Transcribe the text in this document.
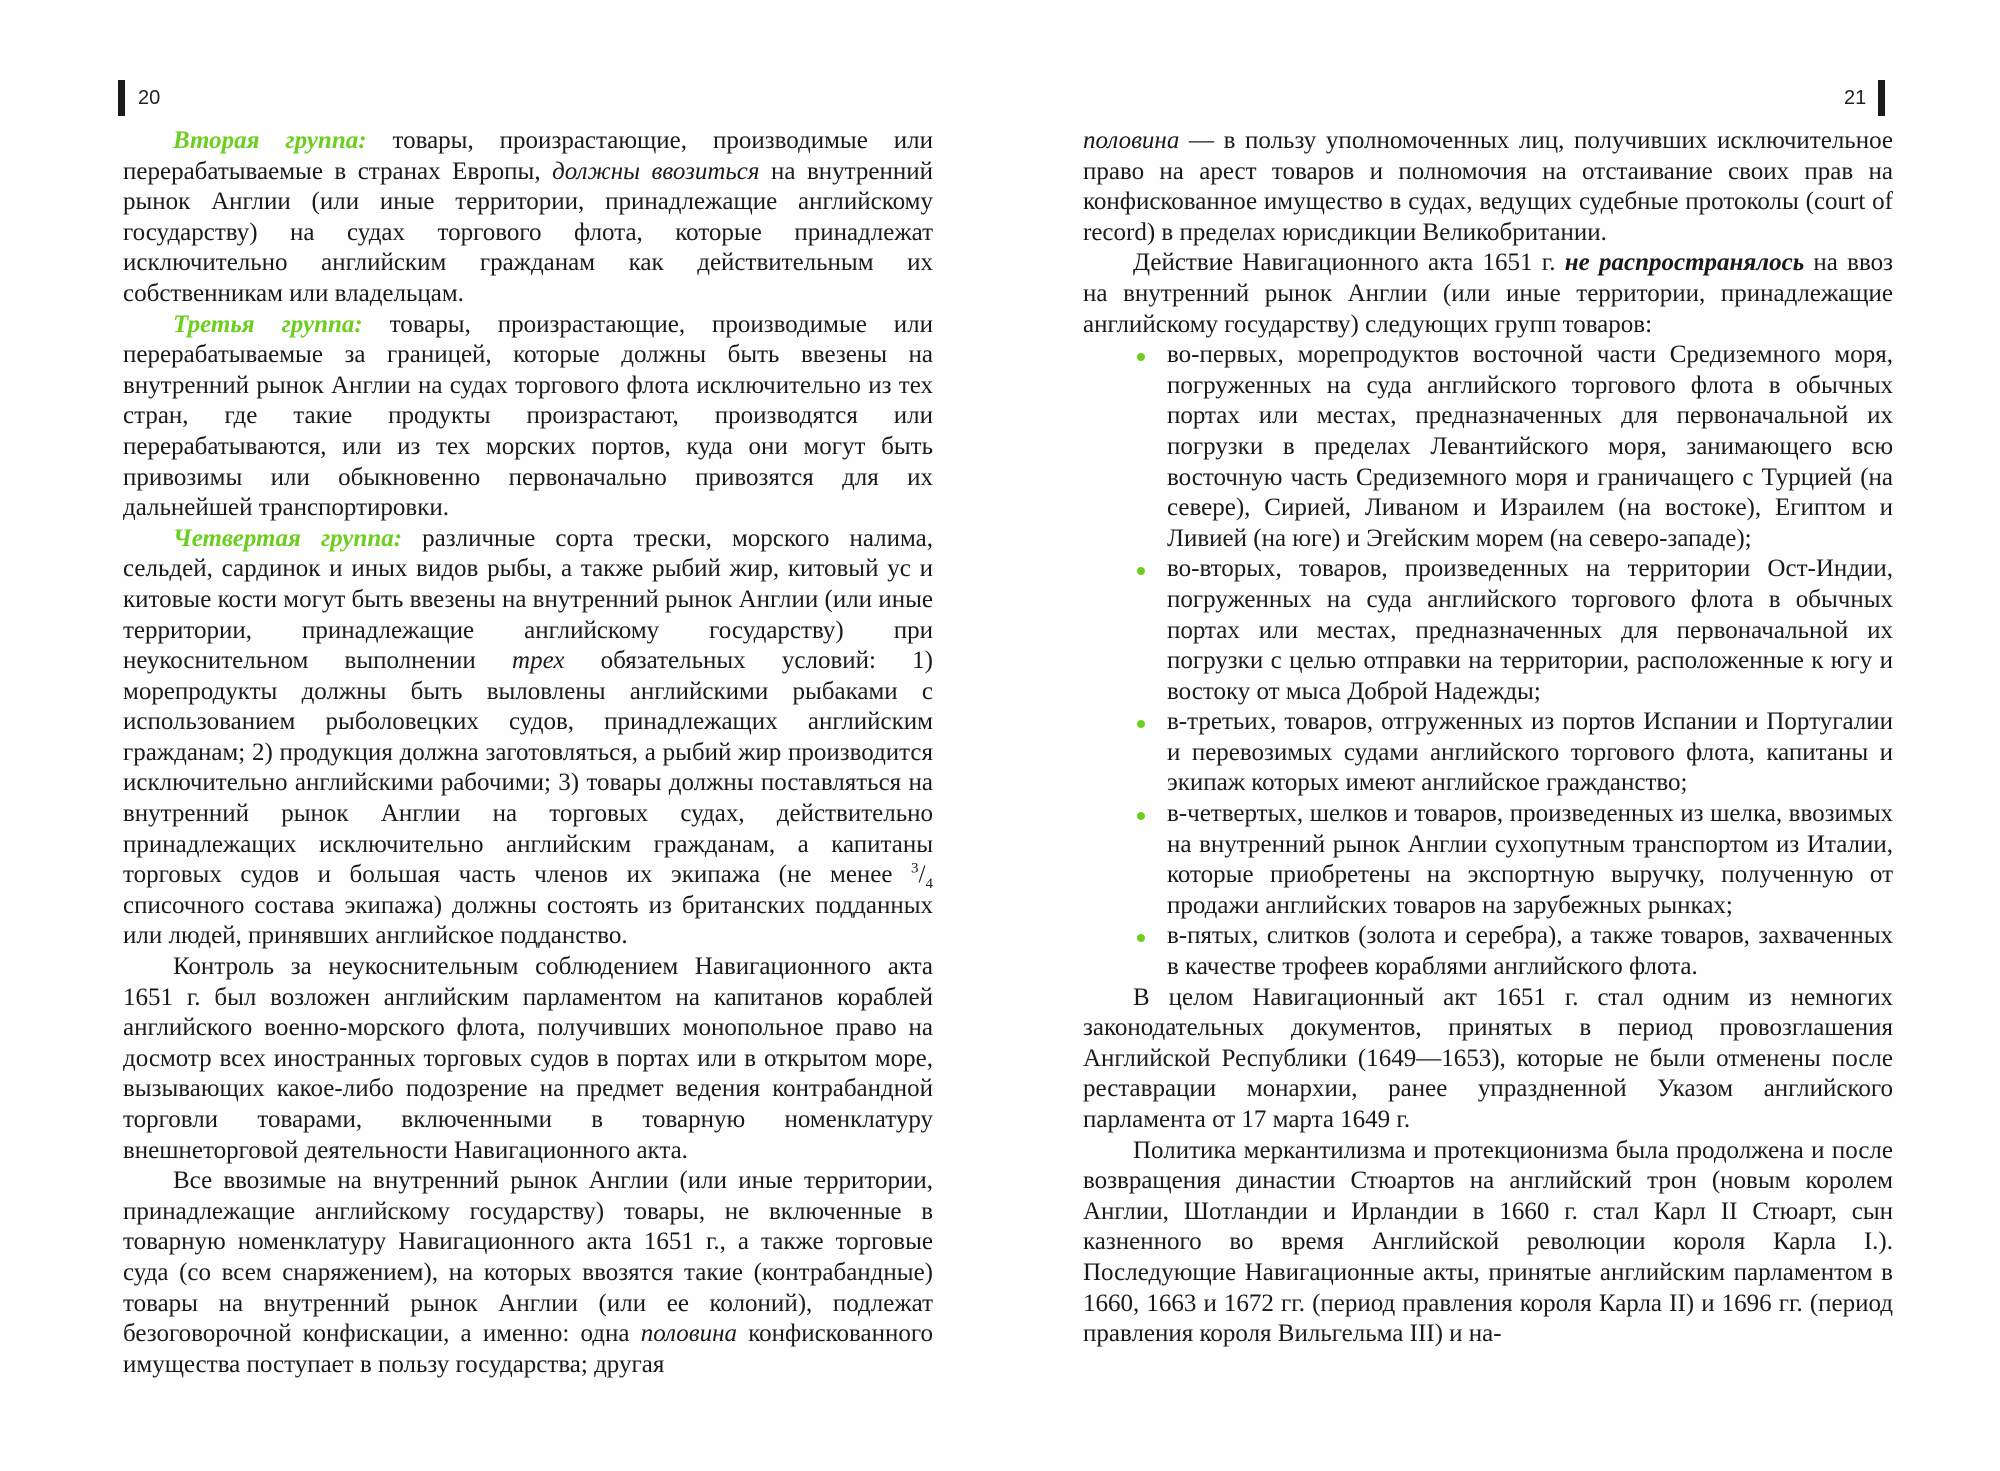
20	21

Вторая группа: товары, произрастающие, производимые или перерабатываемые в странах Европы, должны ввозиться на внутренний рынок Англии (или иные территории, принадлежащие английскому государству) на судах торгового флота, которые принадлежат исключительно английским гражданам как действительным их собственникам или владельцам.

Третья группа: товары, произрастающие, производимые или перерабатываемые за границей, которые должны быть ввезены на внутренний рынок Англии на судах торгового флота исключительно из тех стран, где такие продукты произрастают, производятся или перерабатываются, или из тех морских портов, куда они могут быть привозимы или обыкновенно первоначально привозятся для их дальнейшей транспортировки.

Четвертая группа: различные сорта трески, морского налима, сельдей, сардинок и иных видов рыбы, а также рыбий жир, китовый ус и китовые кости могут быть ввезены на внутренний рынок Англии (или иные территории, принадлежащие английскому государству) при неукоснительном выполнении трех обязательных условий: 1) морепродукты должны быть выловлены английскими рыбаками с использованием рыболовецких судов, принадлежащих английским гражданам; 2) продукция должна заготовляться, а рыбий жир производится исключительно английскими рабочими; 3) товары должны поставляться на внутренний рынок Англии на торговых судах, действительно принадлежащих исключительно английским гражданам, а капитаны торговых судов и большая часть членов их экипажа (не менее $^3/_4$ списочного состава экипажа) должны состоять из британских подданных или людей, принявших английское подданство.

Контроль за неукоснительным соблюдением Навигационного акта 1651 г. был возложен английским парламентом на капитанов кораблей английского военно-морского флота, получивших монопольное право на досмотр всех иностранных торговых судов в портах или в открытом море, вызывающих какое-либо подозрение на предмет ведения контрабандной торговли товарами, включенными в товарную номенклатуру внешнеторговой деятельности Навигационного акта.

Все ввозимые на внутренний рынок Англии (или иные территории, принадлежащие английскому государству) товары, не включенные в товарную номенклатуру Навигационного акта 1651 г., а также торговые суда (со всем снаряжением), на которых ввозятся такие (контрабандные) товары на внутренний рынок Англии (или ее колоний), подлежат безоговорочной конфискации, а именно: одна половина конфискованного имущества поступает в пользу государства; другая

половина — в пользу уполномоченных лиц, получивших исключительное право на арест товаров и полномочия на отстаивание своих прав на конфискованное имущество в судах, ведущих судебные протоколы (court of record) в пределах юрисдикции Великобритании.

Действие Навигационного акта 1651 г. не распространялось на ввоз на внутренний рынок Англии (или иные территории, принадлежащие английскому государству) следующих групп товаров:

во-первых, морепродуктов восточной части Средиземного моря, погруженных на суда английского торгового флота в обычных портах или местах, предназначенных для первоначальной их погрузки в пределах Левантийского моря, занимающего всю восточную часть Средиземного моря и граничащего с Турцией (на севере), Сирией, Ливаном и Израилем (на востоке), Египтом и Ливией (на юге) и Эгейским морем (на северо-западе);
во-вторых, товаров, произведенных на территории Ост-Индии, погруженных на суда английского торгового флота в обычных портах или местах, предназначенных для первоначальной их погрузки с целью отправки на территории, расположенные к югу и востоку от мыса Доброй Надежды;
в-третьих, товаров, отгруженных из портов Испании и Португалии и перевозимых судами английского торгового флота, капитаны и экипаж которых имеют английское гражданство;
в-четвертых, шелков и товаров, произведенных из шелка, ввозимых на внутренний рынок Англии сухопутным транспортом из Италии, которые приобретены на экспортную выручку, полученную от продажи английских товаров на зарубежных рынках;
в-пятых, слитков (золота и серебра), а также товаров, захваченных в качестве трофеев кораблями английского флота.

В целом Навигационный акт 1651 г. стал одним из немногих законодательных документов, принятых в период провозглашения Английской Республики (1649—1653), которые не были отменены после реставрации монархии, ранее упраздненной Указом английского парламента от 17 марта 1649 г.

Политика меркантилизма и протекционизма была продолжена и после возвращения династии Стюартов на английский трон (новым королем Англии, Шотландии и Ирландии в 1660 г. стал Карл II Стюарт, сын казненного во время Английской революции короля Карла I.). Последующие Навигационные акты, принятые английским парламентом в 1660, 1663 и 1672 гг. (период правления короля Карла II) и 1696 гг. (период правления короля Вильгельма III) и на-
